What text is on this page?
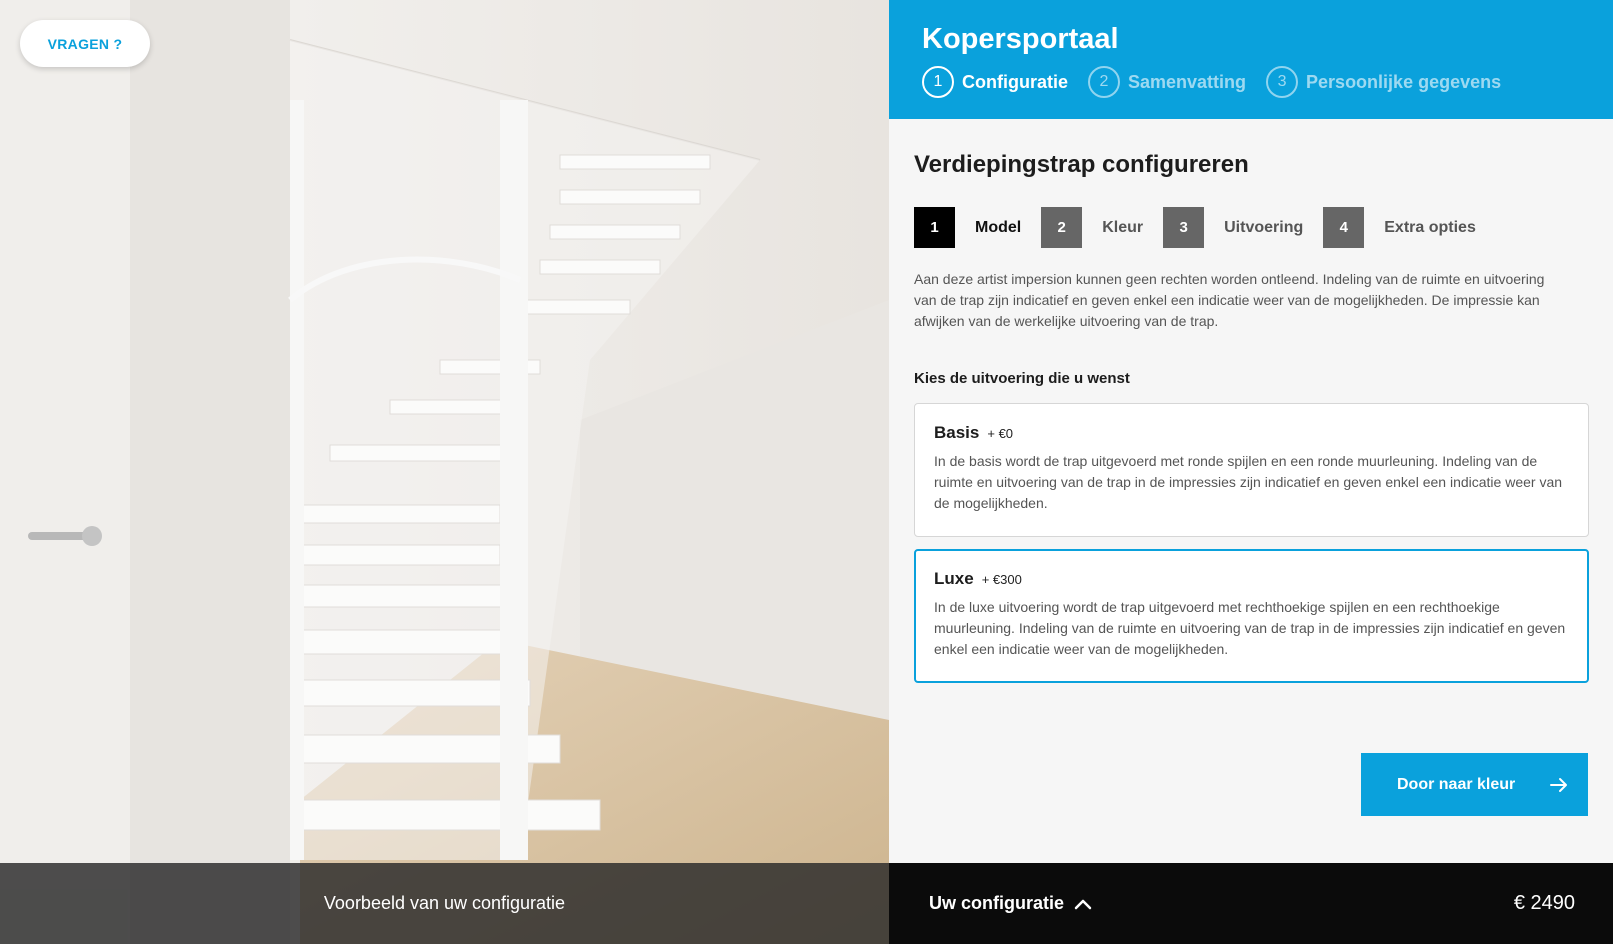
VRAGEN ?
Voorbeeld van uw configuratie
Kopersportaal
1	Configuratie	2	Samenvatting	3	Persoonlijke gegevens
Verdiepingstrap configureren
1	Model	2	Kleur	3	Uitvoering	4	Extra opties

Aan deze artist impersion kunnen geen rechten worden ontleend. Indeling van de ruimte en uitvoering van de trap zijn indicatief en geven enkel een indicatie weer van de mogelijkheden. De impressie kan afwijken van de werkelijke uitvoering van de trap.

Kies de uitvoering die u wenst
Basis + €0

In de basis wordt de trap uitgevoerd met ronde spijlen en een ronde muurleuning. Indeling van de ruimte en uitvoering van de trap in de impressies zijn indicatief en geven enkel een indicatie weer van de mogelijkheden.

Luxe + €300

In de luxe uitvoering wordt de trap uitgevoerd met rechthoekige spijlen en een rechthoekige muurleuning. Indeling van de ruimte en uitvoering van de trap in de impressies zijn indicatief en geven enkel een indicatie weer van de mogelijkheden.

Door naar kleur
Uw configuratie	€ 2490
